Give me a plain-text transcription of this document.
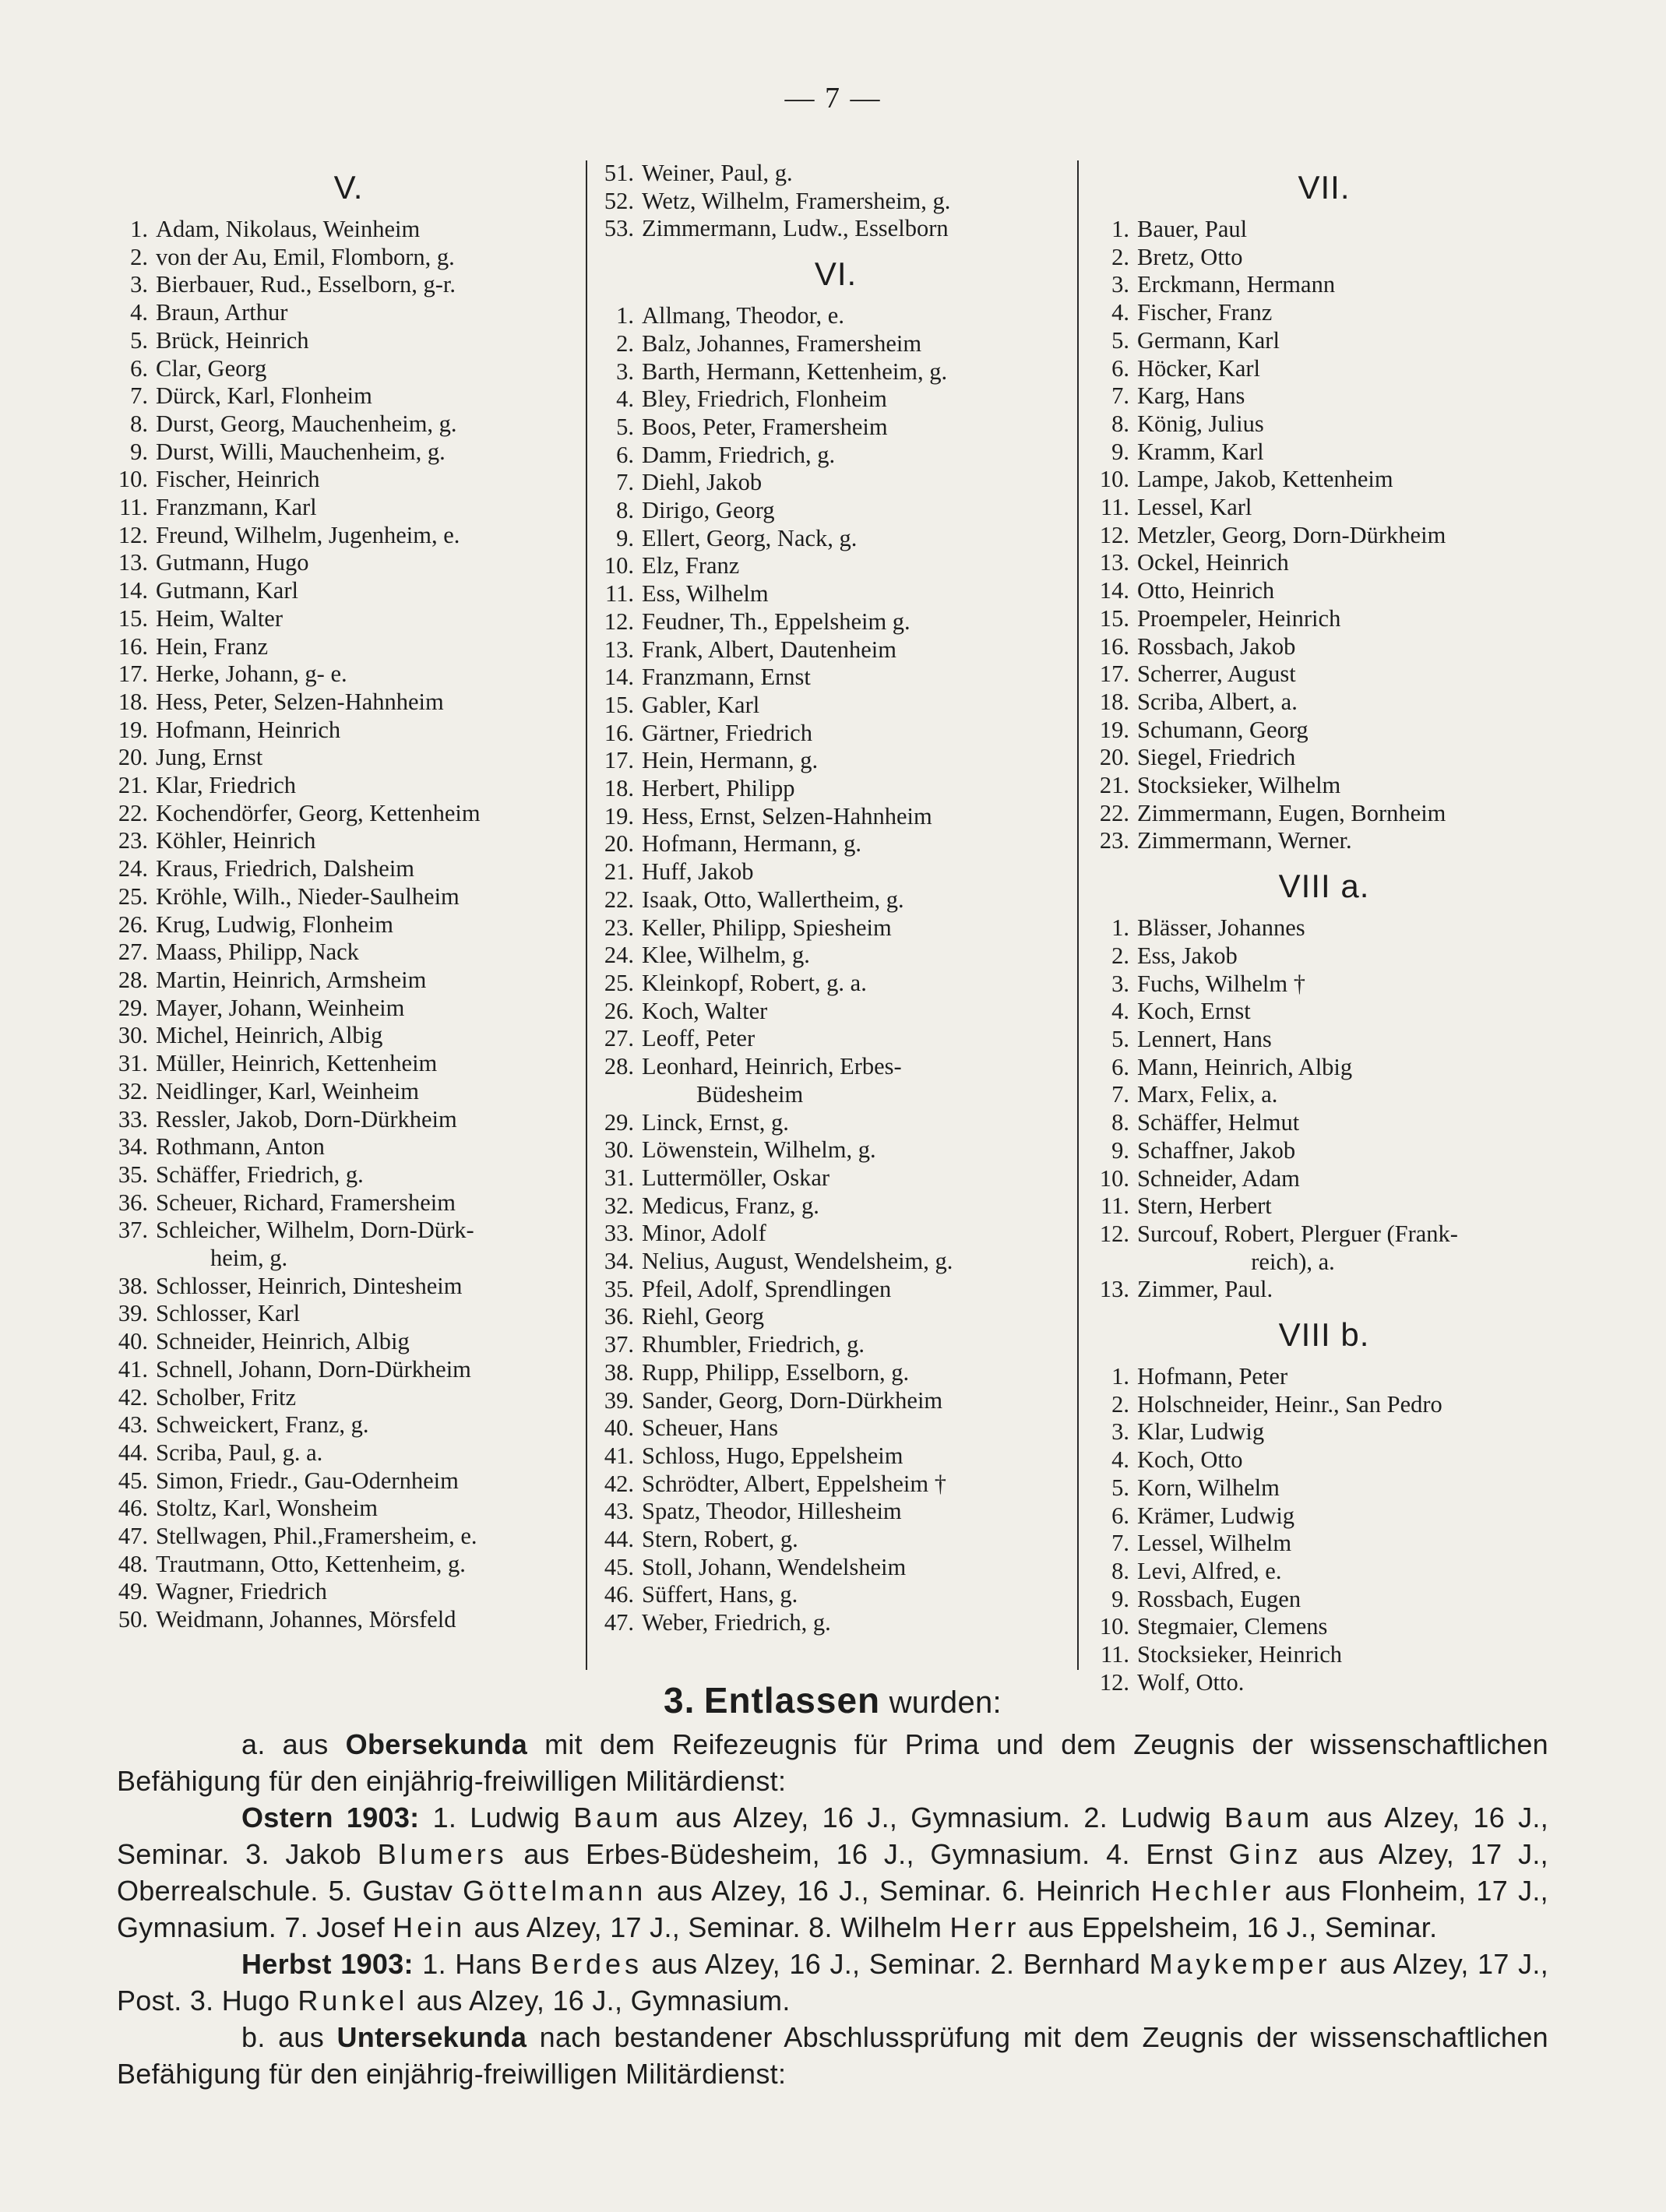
— 7 —
V.
1. Adam, Nikolaus, Weinheim
2. von der Au, Emil, Flomborn, g.
3. Bierbauer, Rud., Esselborn, g-r.
4. Braun, Arthur
5. Brück, Heinrich
6. Clar, Georg
7. Dürck, Karl, Flonheim
8. Durst, Georg, Mauchenheim, g.
9. Durst, Willi, Mauchenheim, g.
10. Fischer, Heinrich
11. Franzmann, Karl
12. Freund, Wilhelm, Jugenheim, e.
13. Gutmann, Hugo
14. Gutmann, Karl
15. Heim, Walter
16. Hein, Franz
17. Herke, Johann, g- e.
18. Hess, Peter, Selzen-Hahnheim
19. Hofmann, Heinrich
20. Jung, Ernst
21. Klar, Friedrich
22. Kochendörfer, Georg, Kettenheim
23. Köhler, Heinrich
24. Kraus, Friedrich, Dalsheim
25. Kröhle, Wilh., Nieder-Saulheim
26. Krug, Ludwig, Flonheim
27. Maass, Philipp, Nack
28. Martin, Heinrich, Armsheim
29. Mayer, Johann, Weinheim
30. Michel, Heinrich, Albig
31. Müller, Heinrich, Kettenheim
32. Neidlinger, Karl, Weinheim
33. Ressler, Jakob, Dorn-Dürkheim
34. Rothmann, Anton
35. Schäffer, Friedrich, g.
36. Scheuer, Richard, Framersheim
37. Schleicher, Wilhelm, Dorn-Dürk-
heim, g.
38. Schlosser, Heinrich, Dintesheim
39. Schlosser, Karl
40. Schneider, Heinrich, Albig
41. Schnell, Johann, Dorn-Dürkheim
42. Scholber, Fritz
43. Schweickert, Franz, g.
44. Scriba, Paul, g. a.
45. Simon, Friedr., Gau-Odernheim
46. Stoltz, Karl, Wonsheim
47. Stellwagen, Phil.,Framersheim, e.
48. Trautmann, Otto, Kettenheim, g.
49. Wagner, Friedrich
50. Weidmann, Johannes, Mörsfeld
51. Weiner, Paul, g.
52. Wetz, Wilhelm, Framersheim, g.
53. Zimmermann, Ludw., Esselborn
VI.
1. Allmang, Theodor, e.
2. Balz, Johannes, Framersheim
3. Barth, Hermann, Kettenheim, g.
4. Bley, Friedrich, Flonheim
5. Boos, Peter, Framersheim
6. Damm, Friedrich, g.
7. Diehl, Jakob
8. Dirigo, Georg
9. Ellert, Georg, Nack, g.
10. Elz, Franz
11. Ess, Wilhelm
12. Feudner, Th., Eppelsheim g.
13. Frank, Albert, Dautenheim
14. Franzmann, Ernst
15. Gabler, Karl
16. Gärtner, Friedrich
17. Hein, Hermann, g.
18. Herbert, Philipp
19. Hess, Ernst, Selzen-Hahnheim
20. Hofmann, Hermann, g.
21. Huff, Jakob
22. Isaak, Otto, Wallertheim, g.
23. Keller, Philipp, Spiesheim
24. Klee, Wilhelm, g.
25. Kleinkopf, Robert, g. a.
26. Koch, Walter
27. Leoff, Peter
28. Leonhard, Heinrich, Erbes-
Büdesheim
29. Linck, Ernst, g.
30. Löwenstein, Wilhelm, g.
31. Luttermöller, Oskar
32. Medicus, Franz, g.
33. Minor, Adolf
34. Nelius, August, Wendelsheim, g.
35. Pfeil, Adolf, Sprendlingen
36. Riehl, Georg
37. Rhumbler, Friedrich, g.
38. Rupp, Philipp, Esselborn, g.
39. Sander, Georg, Dorn-Dürkheim
40. Scheuer, Hans
41. Schloss, Hugo, Eppelsheim
42. Schrödter, Albert, Eppelsheim †
43. Spatz, Theodor, Hillesheim
44. Stern, Robert, g.
45. Stoll, Johann, Wendelsheim
46. Süffert, Hans, g.
47. Weber, Friedrich, g.
VII.
1. Bauer, Paul
2. Bretz, Otto
3. Erckmann, Hermann
4. Fischer, Franz
5. Germann, Karl
6. Höcker, Karl
7. Karg, Hans
8. König, Julius
9. Kramm, Karl
10. Lampe, Jakob, Kettenheim
11. Lessel, Karl
12. Metzler, Georg, Dorn-Dürkheim
13. Ockel, Heinrich
14. Otto, Heinrich
15. Proempeler, Heinrich
16. Rossbach, Jakob
17. Scherrer, August
18. Scriba, Albert, a.
19. Schumann, Georg
20. Siegel, Friedrich
21. Stocksieker, Wilhelm
22. Zimmermann, Eugen, Bornheim
23. Zimmermann, Werner.
VIII a.
1. Blässer, Johannes
2. Ess, Jakob
3. Fuchs, Wilhelm †
4. Koch, Ernst
5. Lennert, Hans
6. Mann, Heinrich, Albig
7. Marx, Felix, a.
8. Schäffer, Helmut
9. Schaffner, Jakob
10. Schneider, Adam
11. Stern, Herbert
12. Surcouf, Robert, Plerguer (Frank-
reich), a.
13. Zimmer, Paul.
VIII b.
1. Hofmann, Peter
2. Holschneider, Heinr., San Pedro
3. Klar, Ludwig
4. Koch, Otto
5. Korn, Wilhelm
6. Krämer, Ludwig
7. Lessel, Wilhelm
8. Levi, Alfred, e.
9. Rossbach, Eugen
10. Stegmaier, Clemens
11. Stocksieker, Heinrich
12. Wolf, Otto.
3. Entlassen wurden:
a. aus Obersekunda mit dem Reifezeugnis für Prima und dem Zeugnis der wissenschaftlichen Befähigung für den einjährig-freiwilligen Militärdienst:
Ostern 1903: 1. Ludwig Baum aus Alzey, 16 J., Gymnasium. 2. Ludwig Baum aus Alzey, 16 J., Seminar. 3. Jakob Blumers aus Erbes-Büdesheim, 16 J., Gymnasium. 4. Ernst Ginz aus Alzey, 17 J., Oberrealschule. 5. Gustav Göttelmann aus Alzey, 16 J., Seminar. 6. Heinrich Hechler aus Flonheim, 17 J., Gymnasium. 7. Josef Hein aus Alzey, 17 J., Seminar. 8. Wilhelm Herr aus Eppelsheim, 16 J., Seminar.
Herbst 1903: 1. Hans Berdes aus Alzey, 16 J., Seminar. 2. Bernhard Maykemper aus Alzey, 17 J., Post. 3. Hugo Runkel aus Alzey, 16 J., Gymnasium.
b. aus Untersekunda nach bestandener Abschlussprüfung mit dem Zeugnis der wissenschaftlichen Befähigung für den einjährig-freiwilligen Militärdienst:
